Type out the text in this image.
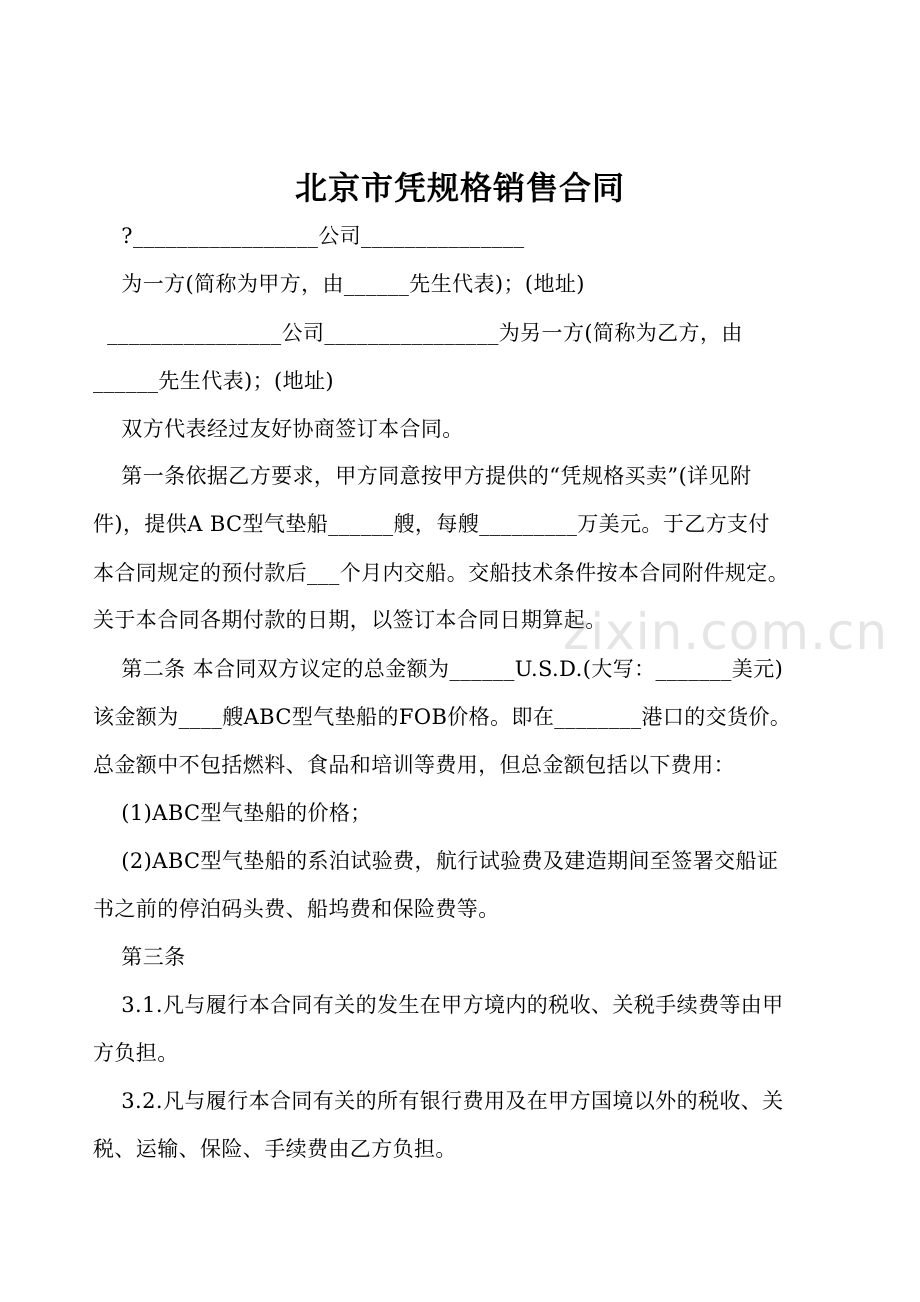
北京市凭规格销售合同
?_________________公司_______________
为一方(简称为甲方，由______先生代表)；(地址)
________________公司________________为另一方(简称为乙方，由
______先生代表)；(地址)
双方代表经过友好协商签订本合同。
第一条依据乙方要求，甲方同意按甲方提供的“凭规格买卖”(详见附
件)，提供A BC型气垫船______艘，每艘_________万美元。于乙方支付
本合同规定的预付款后___个月内交船。交船技术条件按本合同附件规定。
关于本合同各期付款的日期，以签订本合同日期算起。
第二条 本合同双方议定的总金额为______U.S.D.(大写：_______美元)
该金额为____艘ABC型气垫船的FOB价格。即在________港口的交货价。
总金额中不包括燃料、食品和培训等费用，但总金额包括以下费用：
(1)ABC型气垫船的价格；
(2)ABC型气垫船的系泊试验费，航行试验费及建造期间至签署交船证
书之前的停泊码头费、船坞费和保险费等。
第三条
3.1.凡与履行本合同有关的发生在甲方境内的税收、关税手续费等由甲
方负担。
3.2.凡与履行本合同有关的所有银行费用及在甲方国境以外的税收、关
税、运输、保险、手续费由乙方负担。
zixin.com.cn
